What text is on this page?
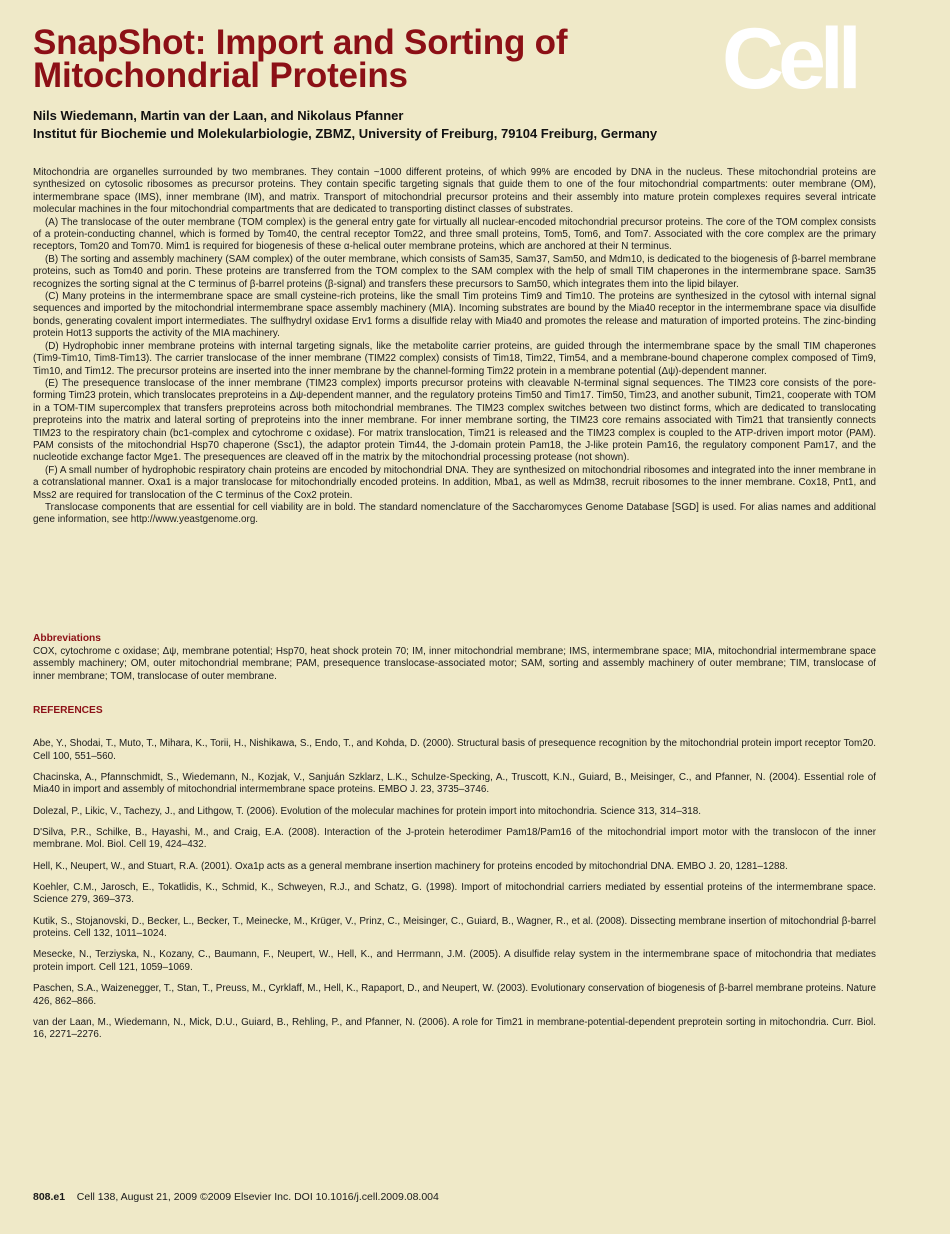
SnapShot: Import and Sorting of Mitochondrial Proteins	Cell
Nils Wiedemann, Martin van der Laan, and Nikolaus Pfanner
Institut für Biochemie und Molekularbiologie, ZBMZ, University of Freiburg, 79104 Freiburg, Germany

Mitochondria are organelles surrounded by two membranes. They contain ~1000 different proteins, of which 99% are encoded by DNA in the nucleus. These mitochondrial proteins are synthesized on cytosolic ribosomes as precursor proteins. They contain specific targeting signals that guide them to one of the four mitochondrial compartments: outer membrane (OM), intermembrane space (IMS), inner membrane (IM), and matrix. Transport of mitochondrial precursor proteins and their assembly into mature protein complexes requires several intricate molecular machines in the four mitochondrial compartments that are dedicated to transporting distinct classes of substrates.

(A) The translocase of the outer membrane (TOM complex) is the general entry gate for virtually all nuclear-encoded mitochondrial precursor proteins. The core of the TOM complex consists of a protein-conducting channel, which is formed by Tom40, the central receptor Tom22, and three small proteins, Tom5, Tom6, and Tom7. Associated with the core complex are the primary receptors, Tom20 and Tom70. Mim1 is required for biogenesis of these α-helical outer membrane proteins, which are anchored at their N terminus.

(B) The sorting and assembly machinery (SAM complex) of the outer membrane, which consists of Sam35, Sam37, Sam50, and Mdm10, is dedicated to the biogenesis of β-barrel membrane proteins, such as Tom40 and porin. These proteins are transferred from the TOM complex to the SAM complex with the help of small TIM chaperones in the intermembrane space. Sam35 recognizes the sorting signal at the C terminus of β-barrel proteins (β-signal) and transfers these precursors to Sam50, which integrates them into the lipid bilayer.

(C) Many proteins in the intermembrane space are small cysteine-rich proteins, like the small Tim proteins Tim9 and Tim10. The proteins are synthesized in the cytosol with internal signal sequences and imported by the mitochondrial intermembrane space assembly machinery (MIA). Incoming substrates are bound by the Mia40 receptor in the intermembrane space via disulfide bonds, generating covalent import intermediates. The sulfhydryl oxidase Erv1 forms a disulfide relay with Mia40 and promotes the release and maturation of imported proteins. The zinc-binding protein Hot13 supports the activity of the MIA machinery.

(D) Hydrophobic inner membrane proteins with internal targeting signals, like the metabolite carrier proteins, are guided through the intermembrane space by the small TIM chaperones (Tim9-Tim10, Tim8-Tim13). The carrier translocase of the inner membrane (TIM22 complex) consists of Tim18, Tim22, Tim54, and a membrane-bound chaperone complex composed of Tim9, Tim10, and Tim12. The precursor proteins are inserted into the inner membrane by the channel-forming Tim22 protein in a membrane potential (Δψ)-dependent manner.

(E) The presequence translocase of the inner membrane (TIM23 complex) imports precursor proteins with cleavable N-terminal signal sequences. The TIM23 core consists of the pore-forming Tim23 protein, which translocates preproteins in a Δψ-dependent manner, and the regulatory proteins Tim50 and Tim17. Tim50, Tim23, and another subunit, Tim21, cooperate with TOM in a TOM-TIM supercomplex that transfers preproteins across both mitochondrial membranes. The TIM23 complex switches between two distinct forms, which are dedicated to translocating preproteins into the matrix and lateral sorting of preproteins into the inner membrane. For inner membrane sorting, the TIM23 core remains associated with Tim21 that transiently connects TIM23 to the respiratory chain (bc1-complex and cytochrome c oxidase). For matrix translocation, Tim21 is released and the TIM23 complex is coupled to the ATP-driven import motor (PAM). PAM consists of the mitochondrial Hsp70 chaperone (Ssc1), the adaptor protein Tim44, the J-domain protein Pam18, the J-like protein Pam16, the regulatory component Pam17, and the nucleotide exchange factor Mge1. The presequences are cleaved off in the matrix by the mitochondrial processing protease (not shown).

(F) A small number of hydrophobic respiratory chain proteins are encoded by mitochondrial DNA. They are synthesized on mitochondrial ribosomes and integrated into the inner membrane in a cotranslational manner. Oxa1 is a major translocase for mitochondrially encoded proteins. In addition, Mba1, as well as Mdm38, recruit ribosomes to the inner membrane. Cox18, Pnt1, and Mss2 are required for translocation of the C terminus of the Cox2 protein.

Translocase components that are essential for cell viability are in bold. The standard nomenclature of the Saccharomyces Genome Database [SGD] is used. For alias names and additional gene information, see http://www.yeastgenome.org.

Abbreviations
COX, cytochrome c oxidase; Δψ, membrane potential; Hsp70, heat shock protein 70; IM, inner mitochondrial membrane; IMS, intermembrane space; MIA, mitochondrial intermembrane space assembly machinery; OM, outer mitochondrial membrane; PAM, presequence translocase-associated motor; SAM, sorting and assembly machinery of outer membrane; TIM, translocase of inner membrane; TOM, translocase of outer membrane.
REFERENCES

Abe, Y., Shodai, T., Muto, T., Mihara, K., Torii, H., Nishikawa, S., Endo, T., and Kohda, D. (2000). Structural basis of presequence recognition by the mitochondrial protein import receptor Tom20. Cell 100, 551–560.

Chacinska, A., Pfannschmidt, S., Wiedemann, N., Kozjak, V., Sanjuán Szklarz, L.K., Schulze-Specking, A., Truscott, K.N., Guiard, B., Meisinger, C., and Pfanner, N. (2004). Essential role of Mia40 in import and assembly of mitochondrial intermembrane space proteins. EMBO J. 23, 3735–3746.

Dolezal, P., Likic, V., Tachezy, J., and Lithgow, T. (2006). Evolution of the molecular machines for protein import into mitochondria. Science 313, 314–318.

D'Silva, P.R., Schilke, B., Hayashi, M., and Craig, E.A. (2008). Interaction of the J-protein heterodimer Pam18/Pam16 of the mitochondrial import motor with the translocon of the inner membrane. Mol. Biol. Cell 19, 424–432.

Hell, K., Neupert, W., and Stuart, R.A. (2001). Oxa1p acts as a general membrane insertion machinery for proteins encoded by mitochondrial DNA. EMBO J. 20, 1281–1288.

Koehler, C.M., Jarosch, E., Tokatlidis, K., Schmid, K., Schweyen, R.J., and Schatz, G. (1998). Import of mitochondrial carriers mediated by essential proteins of the intermembrane space. Science 279, 369–373.

Kutik, S., Stojanovski, D., Becker, L., Becker, T., Meinecke, M., Krüger, V., Prinz, C., Meisinger, C., Guiard, B., Wagner, R., et al. (2008). Dissecting membrane insertion of mitochondrial β-barrel proteins. Cell 132, 1011–1024.

Mesecke, N., Terziyska, N., Kozany, C., Baumann, F., Neupert, W., Hell, K., and Herrmann, J.M. (2005). A disulfide relay system in the intermembrane space of mitochondria that mediates protein import. Cell 121, 1059–1069.

Paschen, S.A., Waizenegger, T., Stan, T., Preuss, M., Cyrklaff, M., Hell, K., Rapaport, D., and Neupert, W. (2003). Evolutionary conservation of biogenesis of β-barrel membrane proteins. Nature 426, 862–866.

van der Laan, M., Wiedemann, N., Mick, D.U., Guiard, B., Rehling, P., and Pfanner, N. (2006). A role for Tim21 in membrane-potential-dependent preprotein sorting in mitochondria. Curr. Biol. 16, 2271–2276.

808.e1 Cell 138, August 21, 2009 ©2009 Elsevier Inc. DOI 10.1016/j.cell.2009.08.004
